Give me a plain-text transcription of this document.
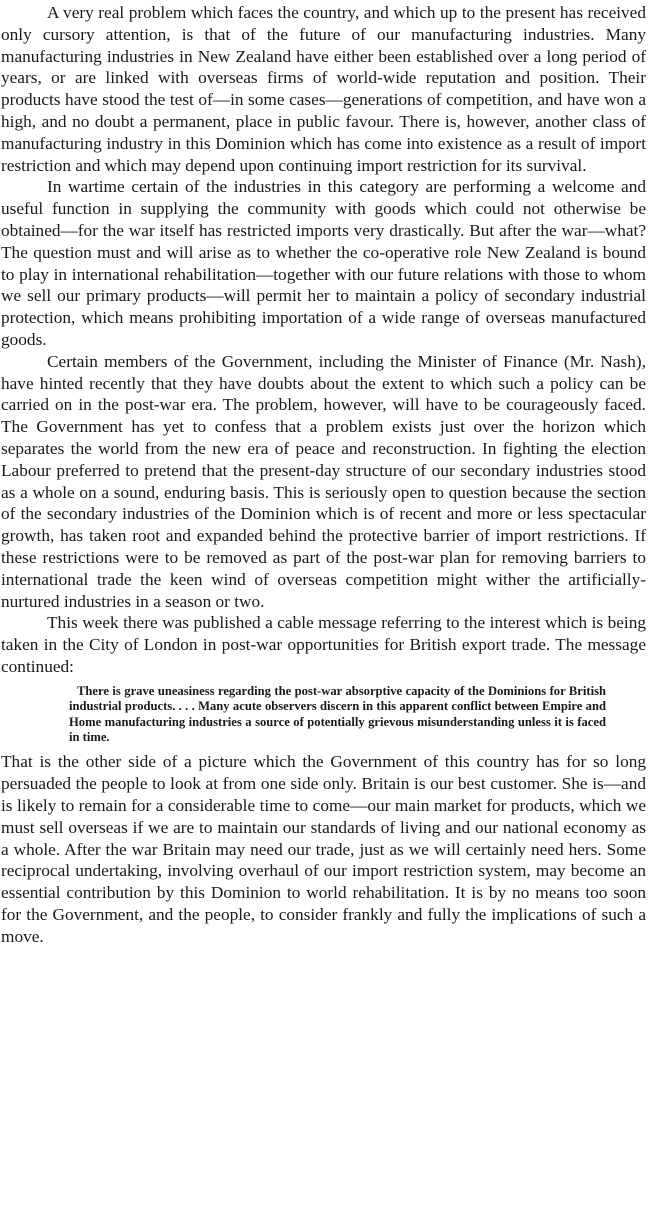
A very real problem which faces the country, and which up to the present has received only cursory attention, is that of the future of our manufacturing industries. Many manufacturing industries in New Zealand have either been established over a long period of years, or are linked with overseas firms of world-wide reputation and position. Their products have stood the test of—in some cases—generations of competition, and have won a high, and no doubt a permanent, place in public favour. There is, however, another class of manufacturing industry in this Dominion which has come into existence as a result of import restriction and which may depend upon continuing import restriction for its survival.

In wartime certain of the industries in this category are performing a welcome and useful function in supplying the community with goods which could not otherwise be obtained—for the war itself has restricted imports very drastically. But after the war—what? The question must and will arise as to whether the co-operative role New Zealand is bound to play in international rehabilitation—together with our future relations with those to whom we sell our primary products—will permit her to maintain a policy of secondary industrial protection, which means prohibiting importation of a wide range of overseas manufactured goods.

Certain members of the Government, including the Minister of Finance (Mr. Nash), have hinted recently that they have doubts about the extent to which such a policy can be carried on in the post-war era. The problem, however, will have to be courageously faced. The Government has yet to confess that a problem exists just over the horizon which separates the world from the new era of peace and reconstruction. In fighting the election Labour preferred to pretend that the present-day structure of our secondary industries stood as a whole on a sound, enduring basis. This is seriously open to question because the section of the secondary industries of the Dominion which is of recent and more or less spectacular growth, has taken root and expanded behind the protective barrier of import restrictions. If these restrictions were to be removed as part of the post-war plan for removing barriers to international trade the keen wind of overseas competition might wither the artificially-nurtured industries in a season or two.

This week there was published a cable message referring to the interest which is being taken in the City of London in post-war opportunities for British export trade. The message continued:

There is grave uneasiness regarding the post-war absorptive capacity of the Dominions for British industrial products. . . . Many acute observers discern in this apparent conflict between Empire and Home manufacturing industries a source of potentially grievous misunderstanding unless it is faced in time.

That is the other side of a picture which the Government of this country has for so long persuaded the people to look at from one side only. Britain is our best customer. She is—and is likely to remain for a considerable time to come—our main market for products, which we must sell overseas if we are to maintain our standards of living and our national economy as a whole. After the war Britain may need our trade, just as we will certainly need hers. Some reciprocal undertaking, involving overhaul of our import restriction system, may become an essential contribution by this Dominion to world rehabilitation. It is by no means too soon for the Government, and the people, to consider frankly and fully the implications of such a move.
